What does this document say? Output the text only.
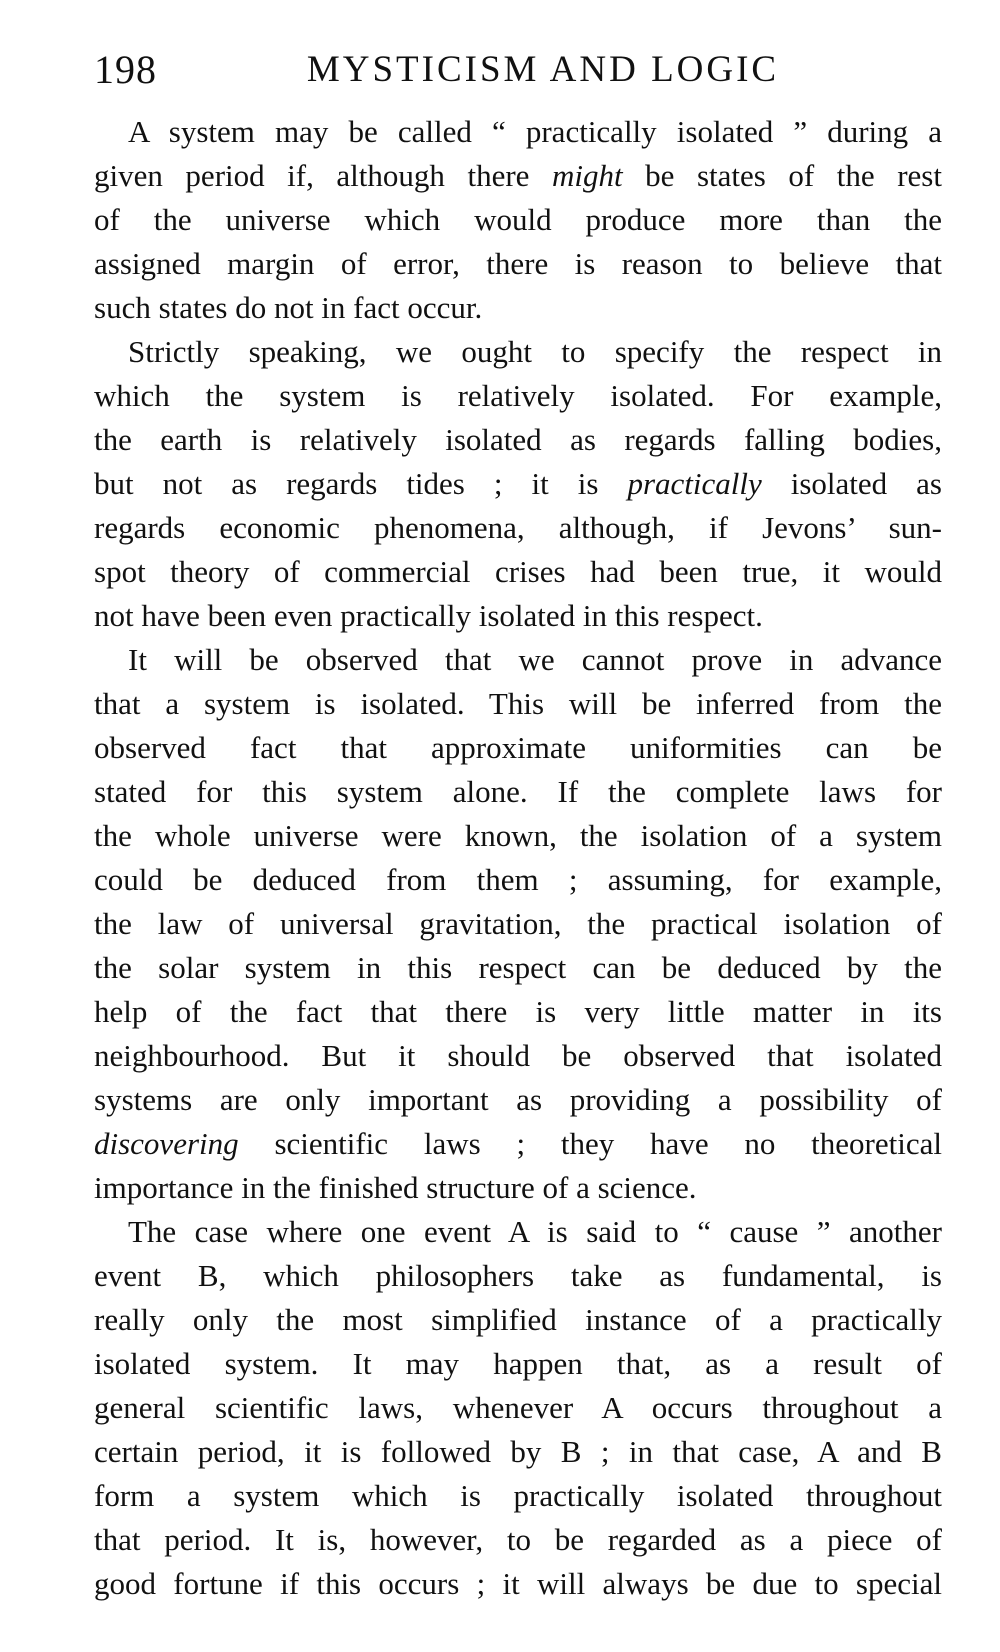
198	MYSTICISM AND LOGIC
A system may be called “ practically isolated ” during a
given period if, although there might be states of the rest
of the universe which would produce more than the
assigned margin of error, there is reason to believe that
such states do not in fact occur.
Strictly speaking, we ought to specify the respect in
which the system is relatively isolated. For example,
the earth is relatively isolated as regards falling bodies,
but not as regards tides ; it is practically isolated as
regards economic phenomena, although, if Jevons’ sun-
spot theory of commercial crises had been true, it would
not have been even practically isolated in this respect.
It will be observed that we cannot prove in advance
that a system is isolated. This will be inferred from the
observed fact that approximate uniformities can be
stated for this system alone. If the complete laws for
the whole universe were known, the isolation of a system
could be deduced from them ; assuming, for example,
the law of universal gravitation, the practical isolation of
the solar system in this respect can be deduced by the
help of the fact that there is very little matter in its
neighbourhood. But it should be observed that isolated
systems are only important as providing a possibility of
discovering scientific laws ; they have no theoretical
importance in the finished structure of a science.
The case where one event A is said to “ cause ” another
event B, which philosophers take as fundamental, is
really only the most simplified instance of a practically
isolated system. It may happen that, as a result of
general scientific laws, whenever A occurs throughout a
certain period, it is followed by B ; in that case, A and B
form a system which is practically isolated throughout
that period. It is, however, to be regarded as a piece of
good fortune if this occurs ; it will always be due to special
